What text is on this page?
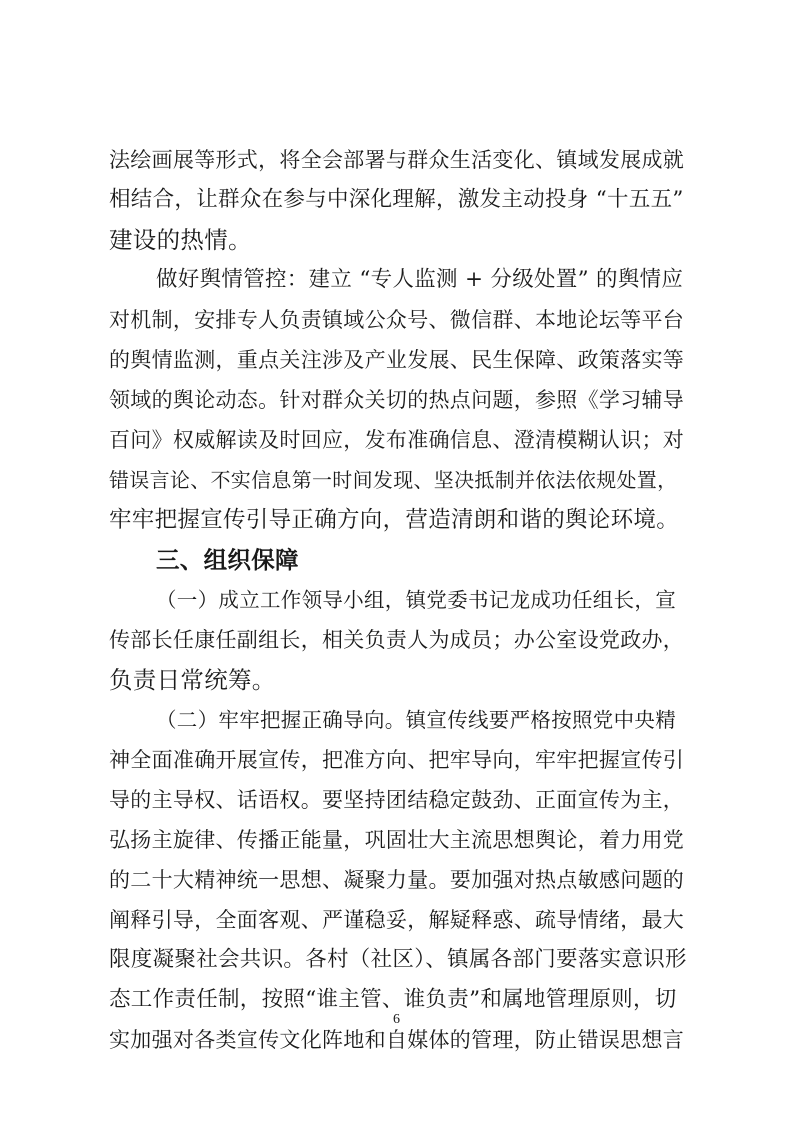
法绘画展等形式，将全会部署与群众生活变化、镇域发展成就
相结合，让群众在参与中深化理解，激发主动投身 “十五五”
建设的热情。

做好舆情管控：建立 “专人监测 + 分级处置” 的舆情应
对机制，安排专人负责镇域公众号、微信群、本地论坛等平台
的舆情监测，重点关注涉及产业发展、民生保障、政策落实等
领域的舆论动态。针对群众关切的热点问题，参照《学习辅导
百问》权威解读及时回应，发布准确信息、澄清模糊认识；对
错误言论、不实信息第一时间发现、坚决抵制并依法依规处置，
牢牢把握宣传引导正确方向，营造清朗和谐的舆论环境。

三、组织保障

（一）成立工作领导小组，镇党委书记龙成功任组长，宣
传部长任康任副组长，相关负责人为成员；办公室设党政办，
负责日常统筹。

（二）牢牢把握正确导向。镇宣传线要严格按照党中央精
神全面准确开展宣传，把准方向、把牢导向，牢牢把握宣传引
导的主导权、话语权。要坚持团结稳定鼓劲、正面宣传为主，
弘扬主旋律、传播正能量，巩固壮大主流思想舆论，着力用党
的二十大精神统一思想、凝聚力量。要加强对热点敏感问题的
阐释引导，全面客观、严谨稳妥，解疑释惑、疏导情绪，最大
限度凝聚社会共识。各村（社区）、镇属各部门要落实意识形
态工作责任制，按照“谁主管、谁负责”和属地管理原则，切
实加强对各类宣传文化阵地和自媒体的管理，防止错误思想言

6
